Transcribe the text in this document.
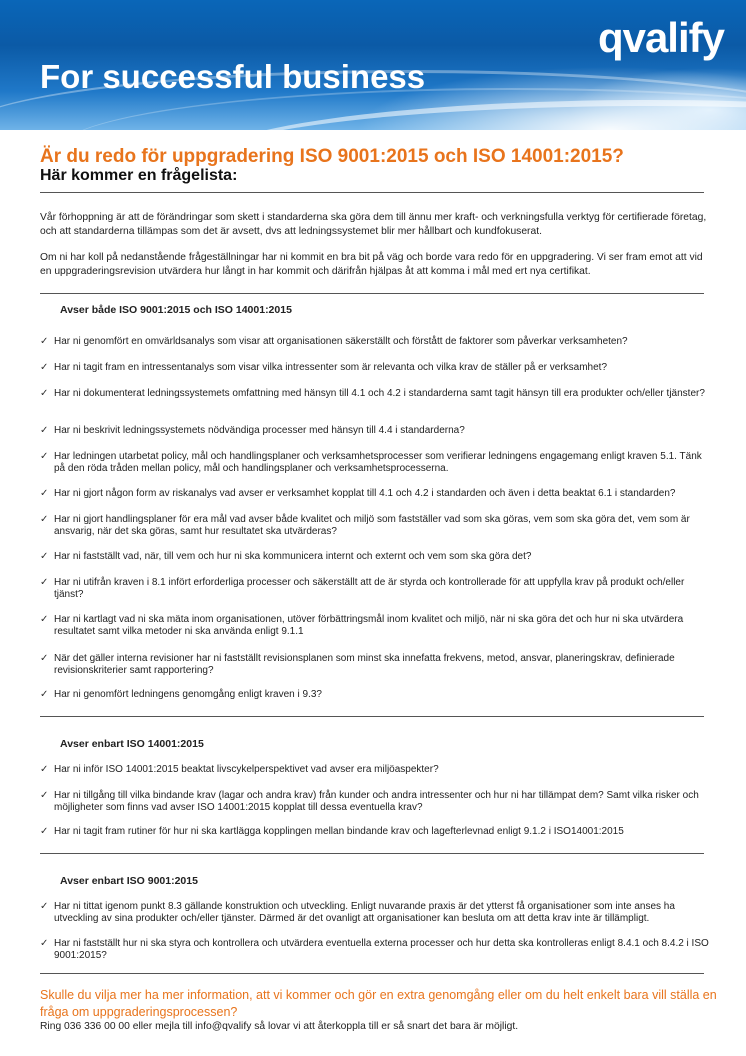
qvalify
For successful business
Är du redo för uppgradering ISO 9001:2015 och ISO 14001:2015?
Här kommer en frågelista:
Vår förhoppning är att de förändringar som skett i standarderna ska göra dem till ännu mer kraft- och verkningsfulla verktyg för certifierade företag, och att standarderna tillämpas som det är avsett, dvs att ledningssystemet blir mer hållbart och kundfokuserat.
Om ni har koll på nedanstående frågeställningar har ni kommit en bra bit på väg och borde vara redo för en uppgradering. Vi ser fram emot att vid en uppgraderingsrevision utvärdera hur långt in har kommit och därifrån hjälpas åt att komma i mål med ert nya certifikat.
Avser både ISO 9001:2015 och ISO 14001:2015
✓ Har ni genomfört en omvärldsanalys som visar att organisationen säkerställt och förstått de faktorer som påverkar verksamheten?
✓ Har ni tagit fram en intressentanalys som visar vilka intressenter som är relevanta och vilka krav de ställer på er verksamhet?
✓ Har ni dokumenterat ledningssystemets omfattning med hänsyn till 4.1 och 4.2 i standarderna samt tagit hänsyn till era produkter och/eller tjänster?
✓ Har ni beskrivit ledningssystemets nödvändiga processer med hänsyn till 4.4 i standarderna?
✓ Har ledningen utarbetat policy, mål och handlingsplaner och verksamhetsprocesser som verifierar ledningens engagemang enligt kraven 5.1. Tänk på den röda tråden mellan policy, mål och handlingsplaner och verksamhetsprocesserna.
✓ Har ni gjort någon form av riskanalys vad avser er verksamhet kopplat till 4.1 och 4.2 i standarden och även i detta beaktat 6.1 i standarden?
✓ Har ni gjort handlingsplaner för era mål vad avser både kvalitet och miljö som fastställer vad som ska göras, vem som ska göra det, vem som är ansvarig, när det ska göras, samt hur resultatet ska utvärderas?
✓ Har ni fastställt vad, när, till vem och hur ni ska kommunicera internt och externt och vem som ska göra det?
✓ Har ni utifrån kraven i 8.1 infört erforderliga processer och säkerställt att de är styrda och kontrollerade för att uppfylla krav på produkt och/eller tjänst?
✓ Har ni kartlagt vad ni ska mäta inom organisationen, utöver förbättringsmål inom kvalitet och miljö, när ni ska göra det och hur ni ska utvärdera resultatet samt vilka metoder ni ska använda enligt 9.1.1
✓ När det gäller interna revisioner har ni fastställt revisionsplanen som minst ska innefatta frekvens, metod, ansvar, planeringskrav, definierade revisionskriterier samt rapportering?
✓ Har ni genomfört ledningens genomgång enligt kraven i 9.3?
Avser enbart ISO 14001:2015
✓ Har ni inför ISO 14001:2015 beaktat livscykelperspektivet vad avser era miljöaspekter?
✓ Har ni tillgång till vilka bindande krav (lagar och andra krav) från kunder och andra intressenter och hur ni har tillämpat dem? Samt vilka risker och möjligheter som finns vad avser ISO 14001:2015 kopplat till dessa eventuella krav?
✓ Har ni tagit fram rutiner för hur ni ska kartlägga kopplingen mellan bindande krav och lagefterlevnad enligt 9.1.2 i ISO14001:2015
Avser enbart ISO 9001:2015
✓ Har ni tittat igenom punkt 8.3 gällande konstruktion och utveckling. Enligt nuvarande praxis är det ytterst få organisationer som inte anses ha utveckling av sina produkter och/eller tjänster. Därmed är det ovanligt att organisationer kan besluta om att detta krav inte är tillämpligt.
✓ Har ni fastställt hur ni ska styra och kontrollera och utvärdera eventuella externa processer och hur detta ska kontrolleras enligt 8.4.1 och 8.4.2 i ISO 9001:2015?
Skulle du vilja mer ha mer information, att vi kommer och gör en extra genomgång eller om du helt enkelt bara vill ställa en fråga om uppgraderingsprocessen?
Ring 036 336 00 00 eller mejla till info@qvalify så lovar vi att återkoppla till er så snart det bara är möjligt.
